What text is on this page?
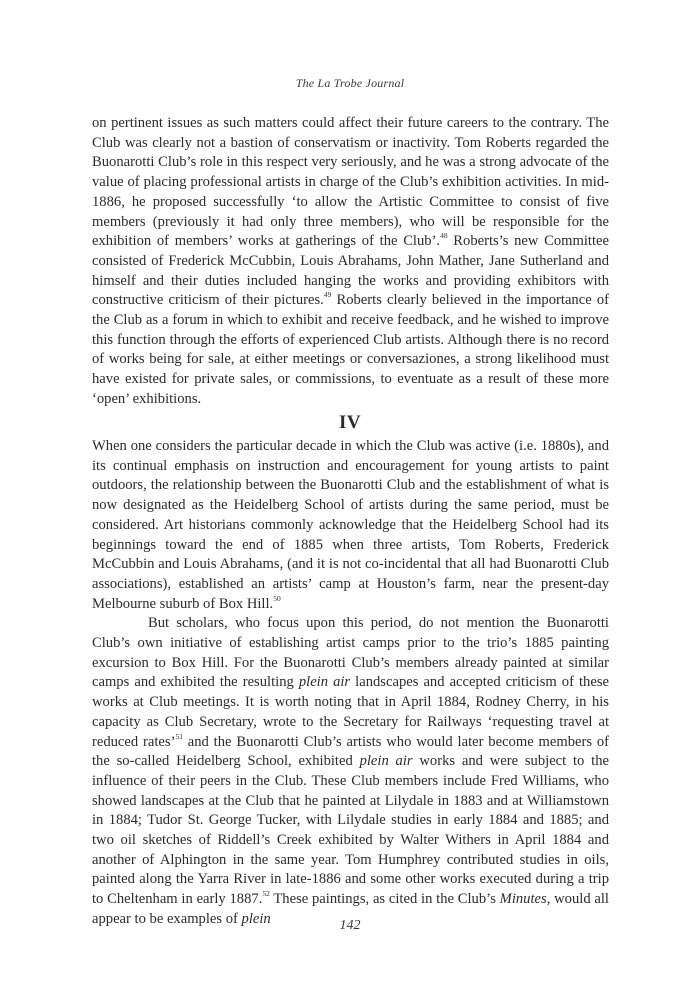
The La Trobe Journal

on pertinent issues as such matters could affect their future careers to the contrary. The Club was clearly not a bastion of conservatism or inactivity. Tom Roberts regarded the Buonarotti Club’s role in this respect very seriously, and he was a strong advocate of the value of placing professional artists in charge of the Club’s exhibition activities. In mid-1886, he proposed successfully ‘to allow the Artistic Committee to consist of five members (previously it had only three members), who will be responsible for the exhibition of members’ works at gatherings of the Club’.$^{48}$ Roberts’s new Committee consisted of Frederick McCubbin, Louis Abrahams, John Mather, Jane Sutherland and himself and their duties included hanging the works and providing exhibitors with constructive criticism of their pictures.$^{49}$ Roberts clearly believed in the importance of the Club as a forum in which to exhibit and receive feedback, and he wished to improve this function through the efforts of experienced Club artists. Although there is no record of works being for sale, at either meetings or conversaziones, a strong likelihood must have existed for private sales, or commissions, to eventuate as a result of these more ‘open’ exhibitions.

IV

When one considers the particular decade in which the Club was active (i.e. 1880s), and its continual emphasis on instruction and encouragement for young artists to paint outdoors, the relationship between the Buonarotti Club and the establishment of what is now designated as the Heidelberg School of artists during the same period, must be considered. Art historians commonly acknowledge that the Heidelberg School had its beginnings toward the end of 1885 when three artists, Tom Roberts, Frederick McCubbin and Louis Abrahams, (and it is not co-incidental that all had Buonarotti Club associations), established an artists’ camp at Houston’s farm, near the present-day Melbourne suburb of Box Hill.$^{50}$

But scholars, who focus upon this period, do not mention the Buonarotti Club’s own initiative of establishing artist camps prior to the trio’s 1885 painting excursion to Box Hill. For the Buonarotti Club’s members already painted at similar camps and exhibited the resulting plein air landscapes and accepted criticism of these works at Club meetings. It is worth noting that in April 1884, Rodney Cherry, in his capacity as Club Secretary, wrote to the Secretary for Railways ‘requesting travel at reduced rates’$^{51}$ and the Buonarotti Club’s artists who would later become members of the so-called Heidelberg School, exhibited plein air works and were subject to the influence of their peers in the Club. These Club members include Fred Williams, who showed landscapes at the Club that he painted at Lilydale in 1883 and at Williamstown in 1884; Tudor St. George Tucker, with Lilydale studies in early 1884 and 1885; and two oil sketches of Riddell’s Creek exhibited by Walter Withers in April 1884 and another of Alphington in the same year. Tom Humphrey contributed studies in oils, painted along the Yarra River in late-1886 and some other works executed during a trip to Cheltenham in early 1887.52 These paintings, as cited in the Club’s Minutes, would all appear to be examples of plein	142
